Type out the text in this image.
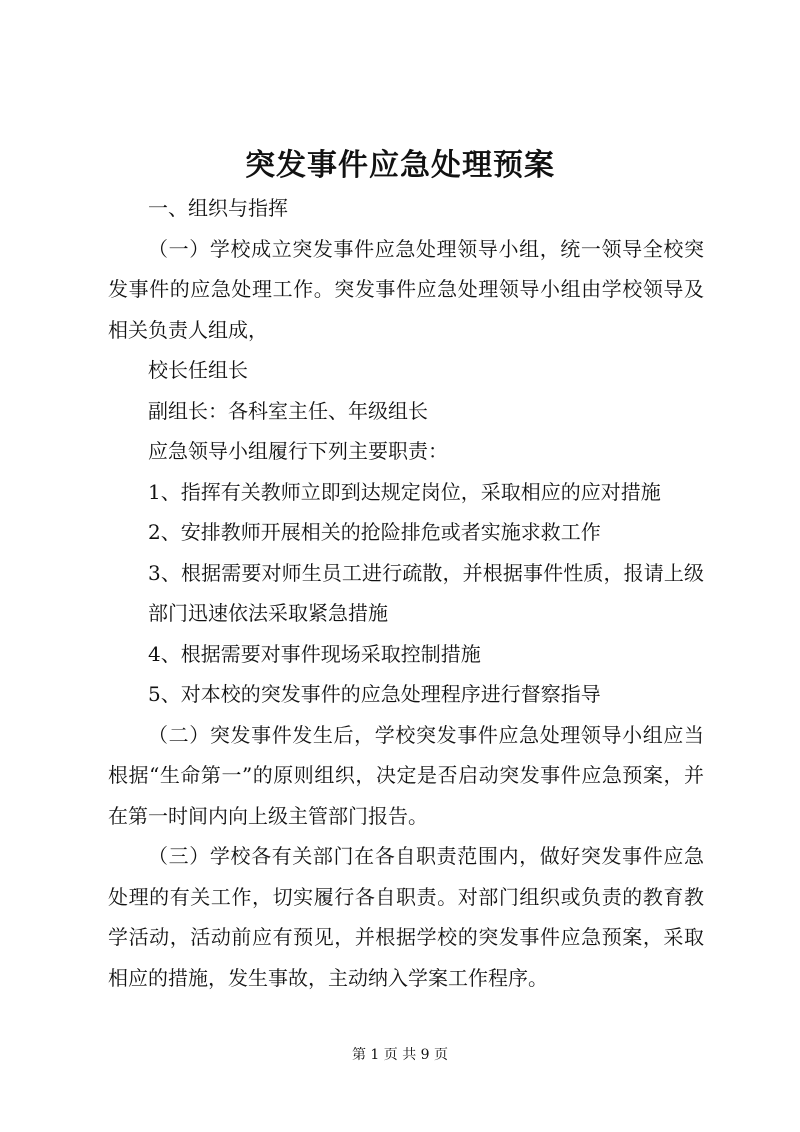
突发事件应急处理预案

一、组织与指挥

（一）学校成立突发事件应急处理领导小组，统一领导全校突发事件的应急处理工作。突发事件应急处理领导小组由学校领导及相关负责人组成，

校长任组长

副组长：各科室主任、年级组长

应急领导小组履行下列主要职责：

1、指挥有关教师立即到达规定岗位，采取相应的应对措施

2、安排教师开展相关的抢险排危或者实施求救工作

3、根据需要对师生员工进行疏散，并根据事件性质，报请上级部门迅速依法采取紧急措施

4、根据需要对事件现场采取控制措施

5、对本校的突发事件的应急处理程序进行督察指导

（二）突发事件发生后，学校突发事件应急处理领导小组应当根据“生命第一”的原则组织，决定是否启动突发事件应急预案，并在第一时间内向上级主管部门报告。

（三）学校各有关部门在各自职责范围内，做好突发事件应急处理的有关工作，切实履行各自职责。对部门组织或负责的教育教学活动，活动前应有预见，并根据学校的突发事件应急预案，采取相应的措施，发生事故，主动纳入学案工作程序。

第 1 页 共 9 页
